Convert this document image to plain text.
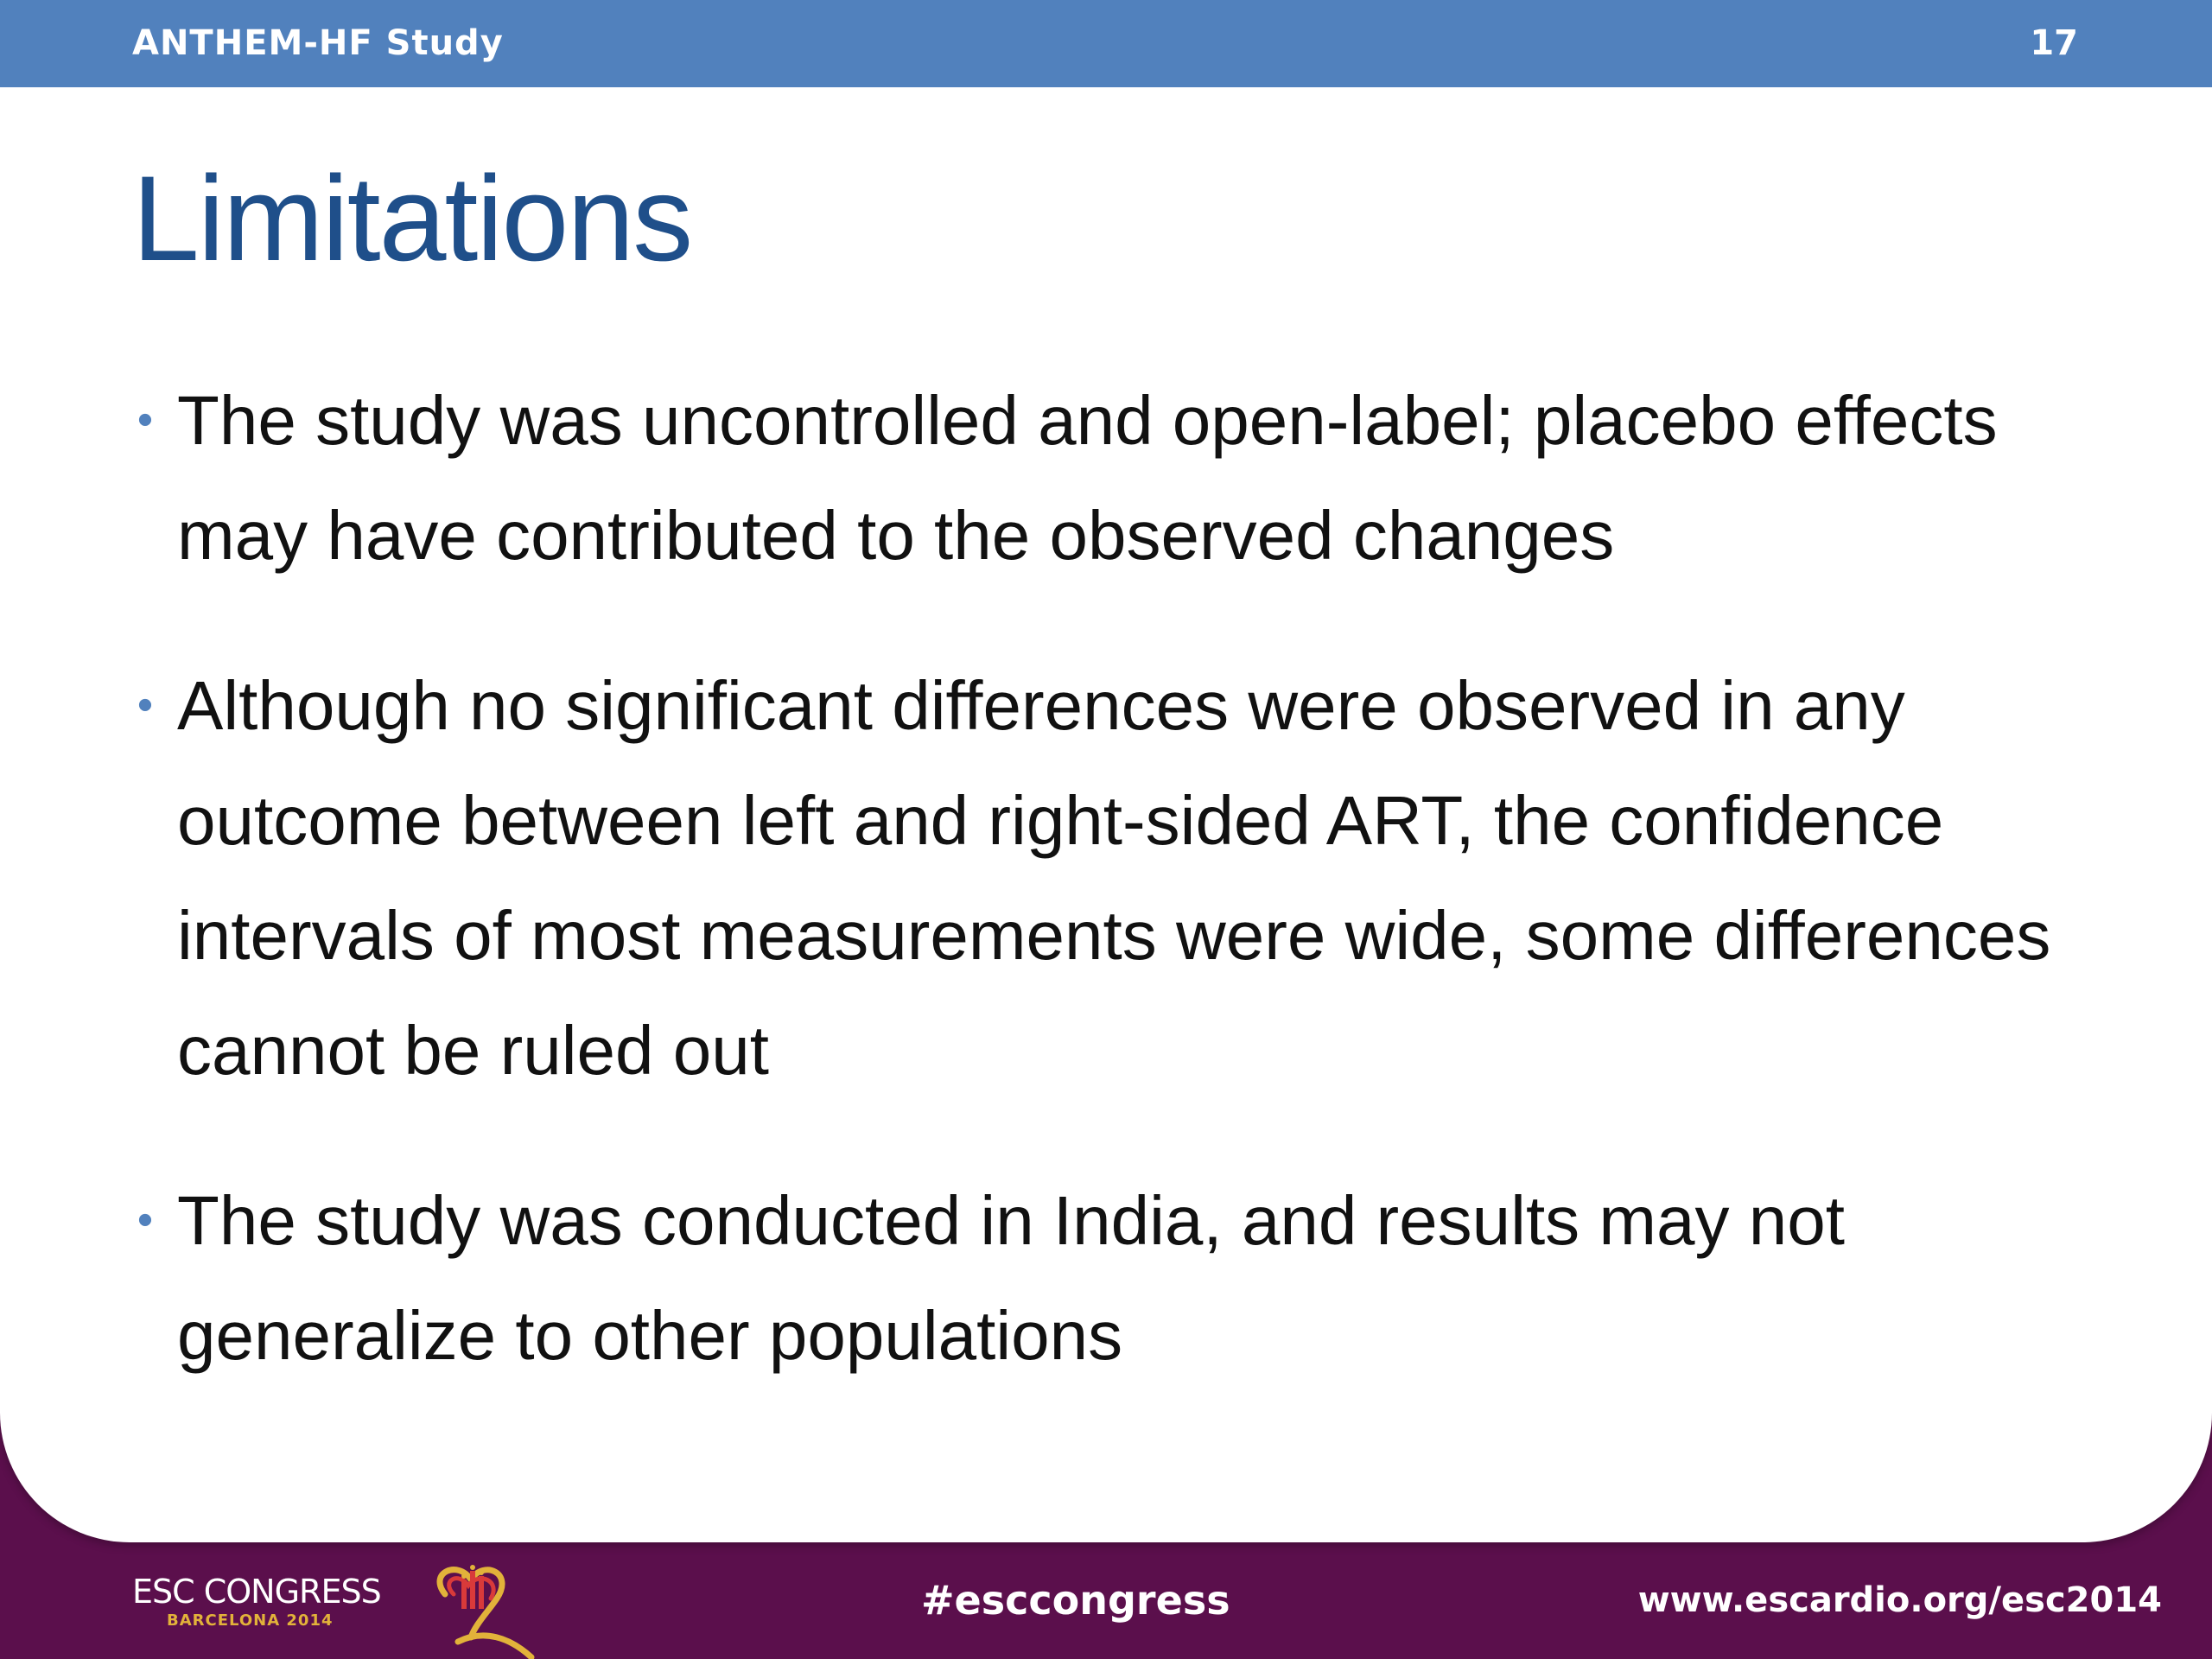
ANTHEM-HF Study	17
Limitations
• The study was uncontrolled and open-label; placebo effects may have contributed to the observed changes
• Although no significant differences were observed in any outcome between left and right-sided ART, the confidence intervals of most measurements were wide, some differences cannot be ruled out
• The study was conducted in India, and results may not generalize to other populations
ESC CONGRESS
BARCELONA 2014	#esccongress	www.escardio.org/esc2014
